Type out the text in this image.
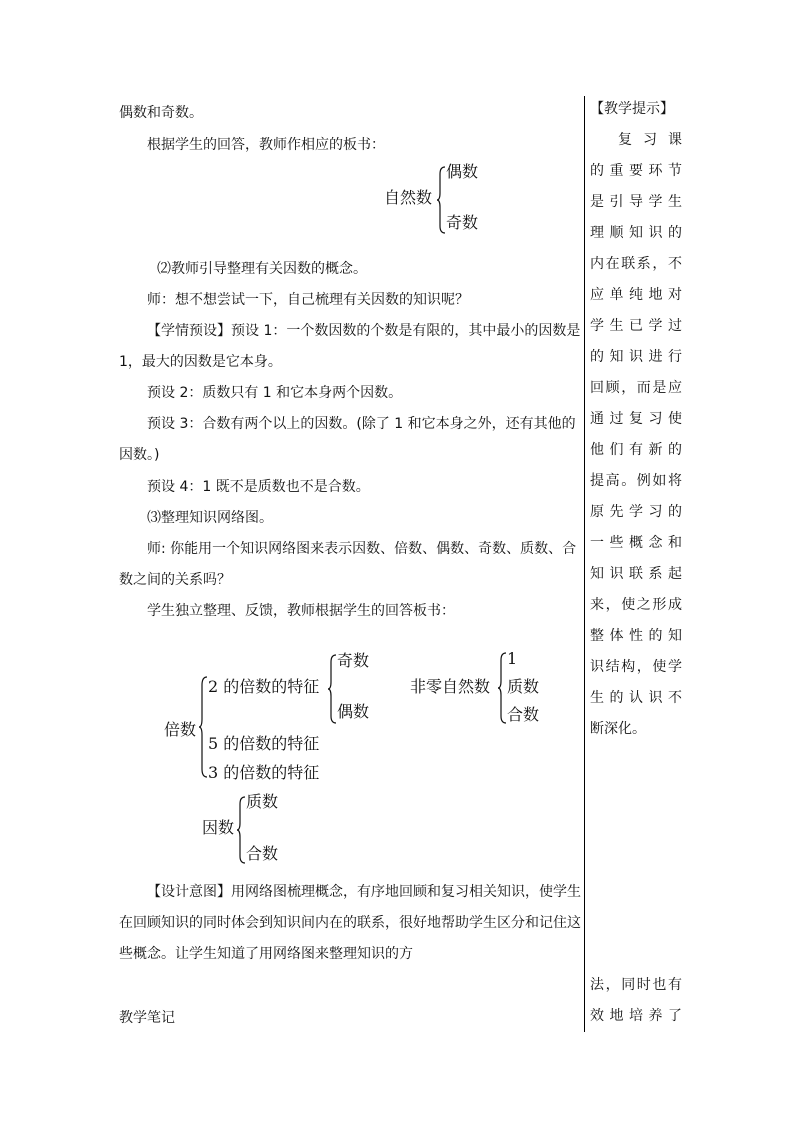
偶数和奇数。
根据学生的回答，教师作相应的板书：
自然数
偶数
奇数
⑵教师引导整理有关因数的概念。
师：想不想尝试一下，自己梳理有关因数的知识呢？
【学情预设】预设 1：一个数因数的个数是有限的，其中最小的因数是
1，最大的因数是它本身。
预设 2：质数只有 1 和它本身两个因数。
预设 3：合数有两个以上的因数。(除了 1 和它本身之外，还有其他的
因数。)
预设 4：1 既不是质数也不是合数。
⑶整理知识网络图。
师: 你能用一个知识网络图来表示因数、倍数、偶数、奇数、质数、合
数之间的关系吗？
学生独立整理、反馈，教师根据学生的回答板书：
倍数
2 的倍数的特征
5 的倍数的特征
3 的倍数的特征
奇数
偶数
非零自然数
1
质数
合数
因数
质数
合数
【设计意图】用网络图梳理概念，有序地回顾和复习相关知识，使学生
在回顾知识的同时体会到知识间内在的联系，很好地帮助学生区分和记住这
些概念。让学生知道了用网络图来整理知识的方
教学笔记
【教学提示】
复习课
的重要环节
是引导学生
理顺知识的
内在联系，不
应单纯地对
学生已学过
的知识进行
回顾，而是应
通过复习使
他们有新的
提高。例如将
原先学习的
一些概念和
知识联系起
来，使之形成
整体性的知
识结构，使学
生的认识不
断深化。
法，同时也有
效地培养了
